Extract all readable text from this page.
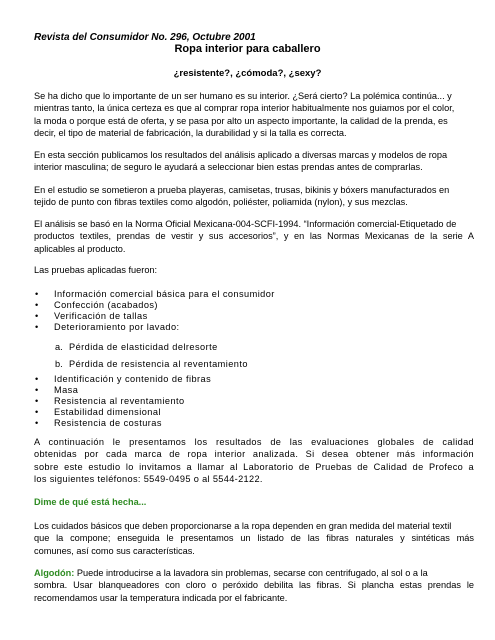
Revista del Consumidor No. 296, Octubre 2001
Ropa interior para caballero
¿resistente?, ¿cómoda?, ¿sexy?
Se ha dicho que lo importante de un ser humano es su interior. ¿Será cierto? La polémica continúa... y
mientras tanto, la única certeza es que al comprar ropa interior habitualmente nos guiamos por el color,
la moda o porque está de oferta, y se pasa por alto un aspecto importante, la calidad de la prenda, es
decir, el tipo de material de fabricación, la durabilidad y si la talla es correcta.
En esta sección publicamos los resultados del análisis aplicado a diversas marcas y modelos de ropa
interior masculina; de seguro le ayudará a seleccionar bien estas prendas antes de comprarlas.
En el estudio se sometieron a prueba playeras, camisetas, trusas, bikinis y bóxers manufacturados en
tejido de punto con fibras textiles como algodón, poliéster, poliamida (nylon), y sus mezclas.
El análisis se basó en la Norma Oficial Mexicana-004-SCFI-1994. “Información comercial-Etiquetado de
productos textiles, prendas de vestir y sus accesorios”, y en las Normas Mexicanas de la serie A
aplicables al producto.
Las pruebas aplicadas fueron:
• Información comercial básica para el consumidor
• Confección (acabados)
• Verificación de tallas
• Deterioramiento por lavado:
a. Pérdida de elasticidad delresorte
b. Pérdida de resistencia al reventamiento
• Identificación y contenido de fibras
• Masa
• Resistencia al reventamiento
• Estabilidad dimensional
• Resistencia de costuras
A continuación le presentamos los resultados de las evaluaciones globales de calidad
obtenidas por cada marca de ropa interior analizada. Si desea obtener más información
sobre este estudio lo invitamos a llamar al Laboratorio de Pruebas de Calidad de Profeco a
los siguientes teléfonos: 5549-0495 o al 5544-2122.
Dime de qué está hecha...
Los cuidados básicos que deben proporcionarse a la ropa dependen en gran medida del material textil
que la compone; enseguida le presentamos un listado de las fibras naturales y sintéticas más
comunes, así como sus características.
Algodón: Puede introducirse a la lavadora sin problemas, secarse con centrifugado, al sol o a la
sombra. Usar blanqueadores con cloro o peróxido debilita las fibras. Si plancha estas prendas le
recomendamos usar la temperatura indicada por el fabricante.
